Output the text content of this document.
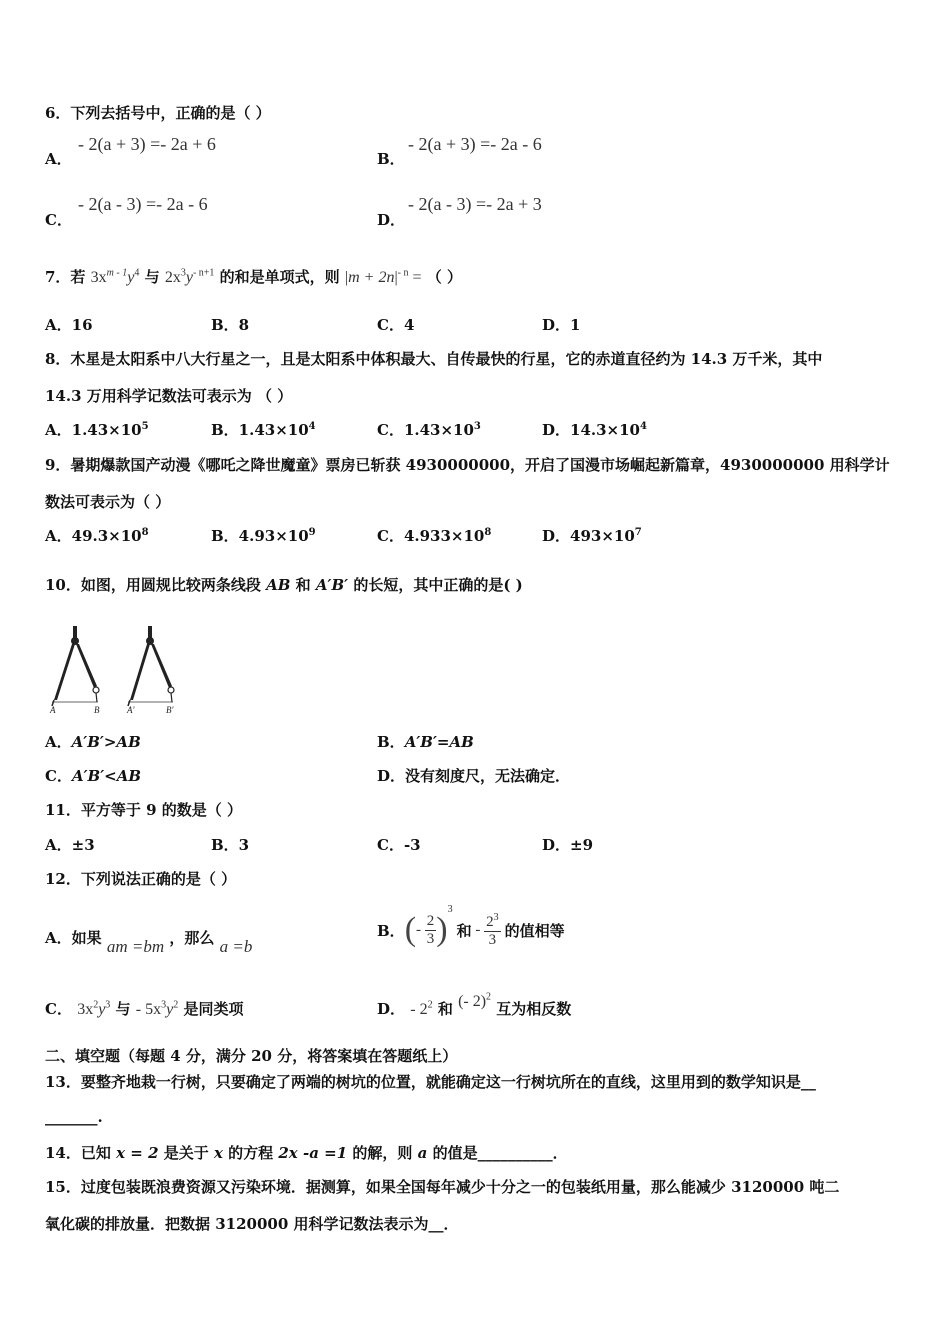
6．下列去括号中，正确的是（ ）
A．
- 2(a + 3) =- 2a + 6
B．
- 2(a + 3) =- 2a - 6
C．
- 2(a - 3) =- 2a - 6
D．
- 2(a - 3) =- 2a + 3
7．若 $3x^{m - 1}y^4$ 与 $2x^3y^{- n+1}$ 的和是单项式，则 $|m + 2n|^{- n}$ = （ ）
A．16	B．8	C．4	D．1
8．木星是太阳系中八大行星之一，且是太阳系中体积最大、自传最快的行星，它的赤道直径约为 14.3 万千米，其中
14.3 万用科学记数法可表示为 （ ）
A．$1.43\times 10^5$	B．$1.43\times 10^4$	C．$1.43\times 10^3$	D．$14.3\times 10^4$
9．暑期爆款国产动漫《哪吒之降世魔童》票房已斩获 4930000000，开启了国漫市场崛起新篇章，4930000000 用科学计
数法可表示为（ ）
A．$49.3\times 10^8$	B．$4.93\times 10^9$	C．$4.933\times 10^8$	D．$493\times 10^7$
10．如图，用圆规比较两条线段 AB 和 A′B′ 的长短，其中正确的是( )
A	B	A'	B'
A．A′B′>AB	B．A′B′=AB
C．A′B′<AB	D．没有刻度尺，无法确定．
11．平方等于 9 的数是（ ）
A．±3	B．3	C．-3	D．±9
12．下列说法正确的是（ ）
A．如果 am =bm ，那么 a =b
B． ( - $\frac{2}{3}$ )
$^3$
和 - $\frac{2^3}{3}$ 的值相等
C． $3x^2y^3$ 与 - $5x^3y^2$ 是同类项	D． - $2^2$ 和 (- 2)$^2$ 互为相反数
二、填空题（每题 4 分，满分 20 分，将答案填在答题纸上）
13．要整齐地栽一行树，只要确定了两端的树坑的位置，就能确定这一行树坑所在的直线，这里用到的数学知识是__
_______.
14．已知 x = 2 是关于 x 的方程 2x -a =1 的解，则 a 的值是__________．
15．过度包装既浪费资源又污染环境．据测算，如果全国每年减少十分之一的包装纸用量，那么能减少 3120000 吨二
氧化碳的排放量．把数据 3120000 用科学记数法表示为__．
